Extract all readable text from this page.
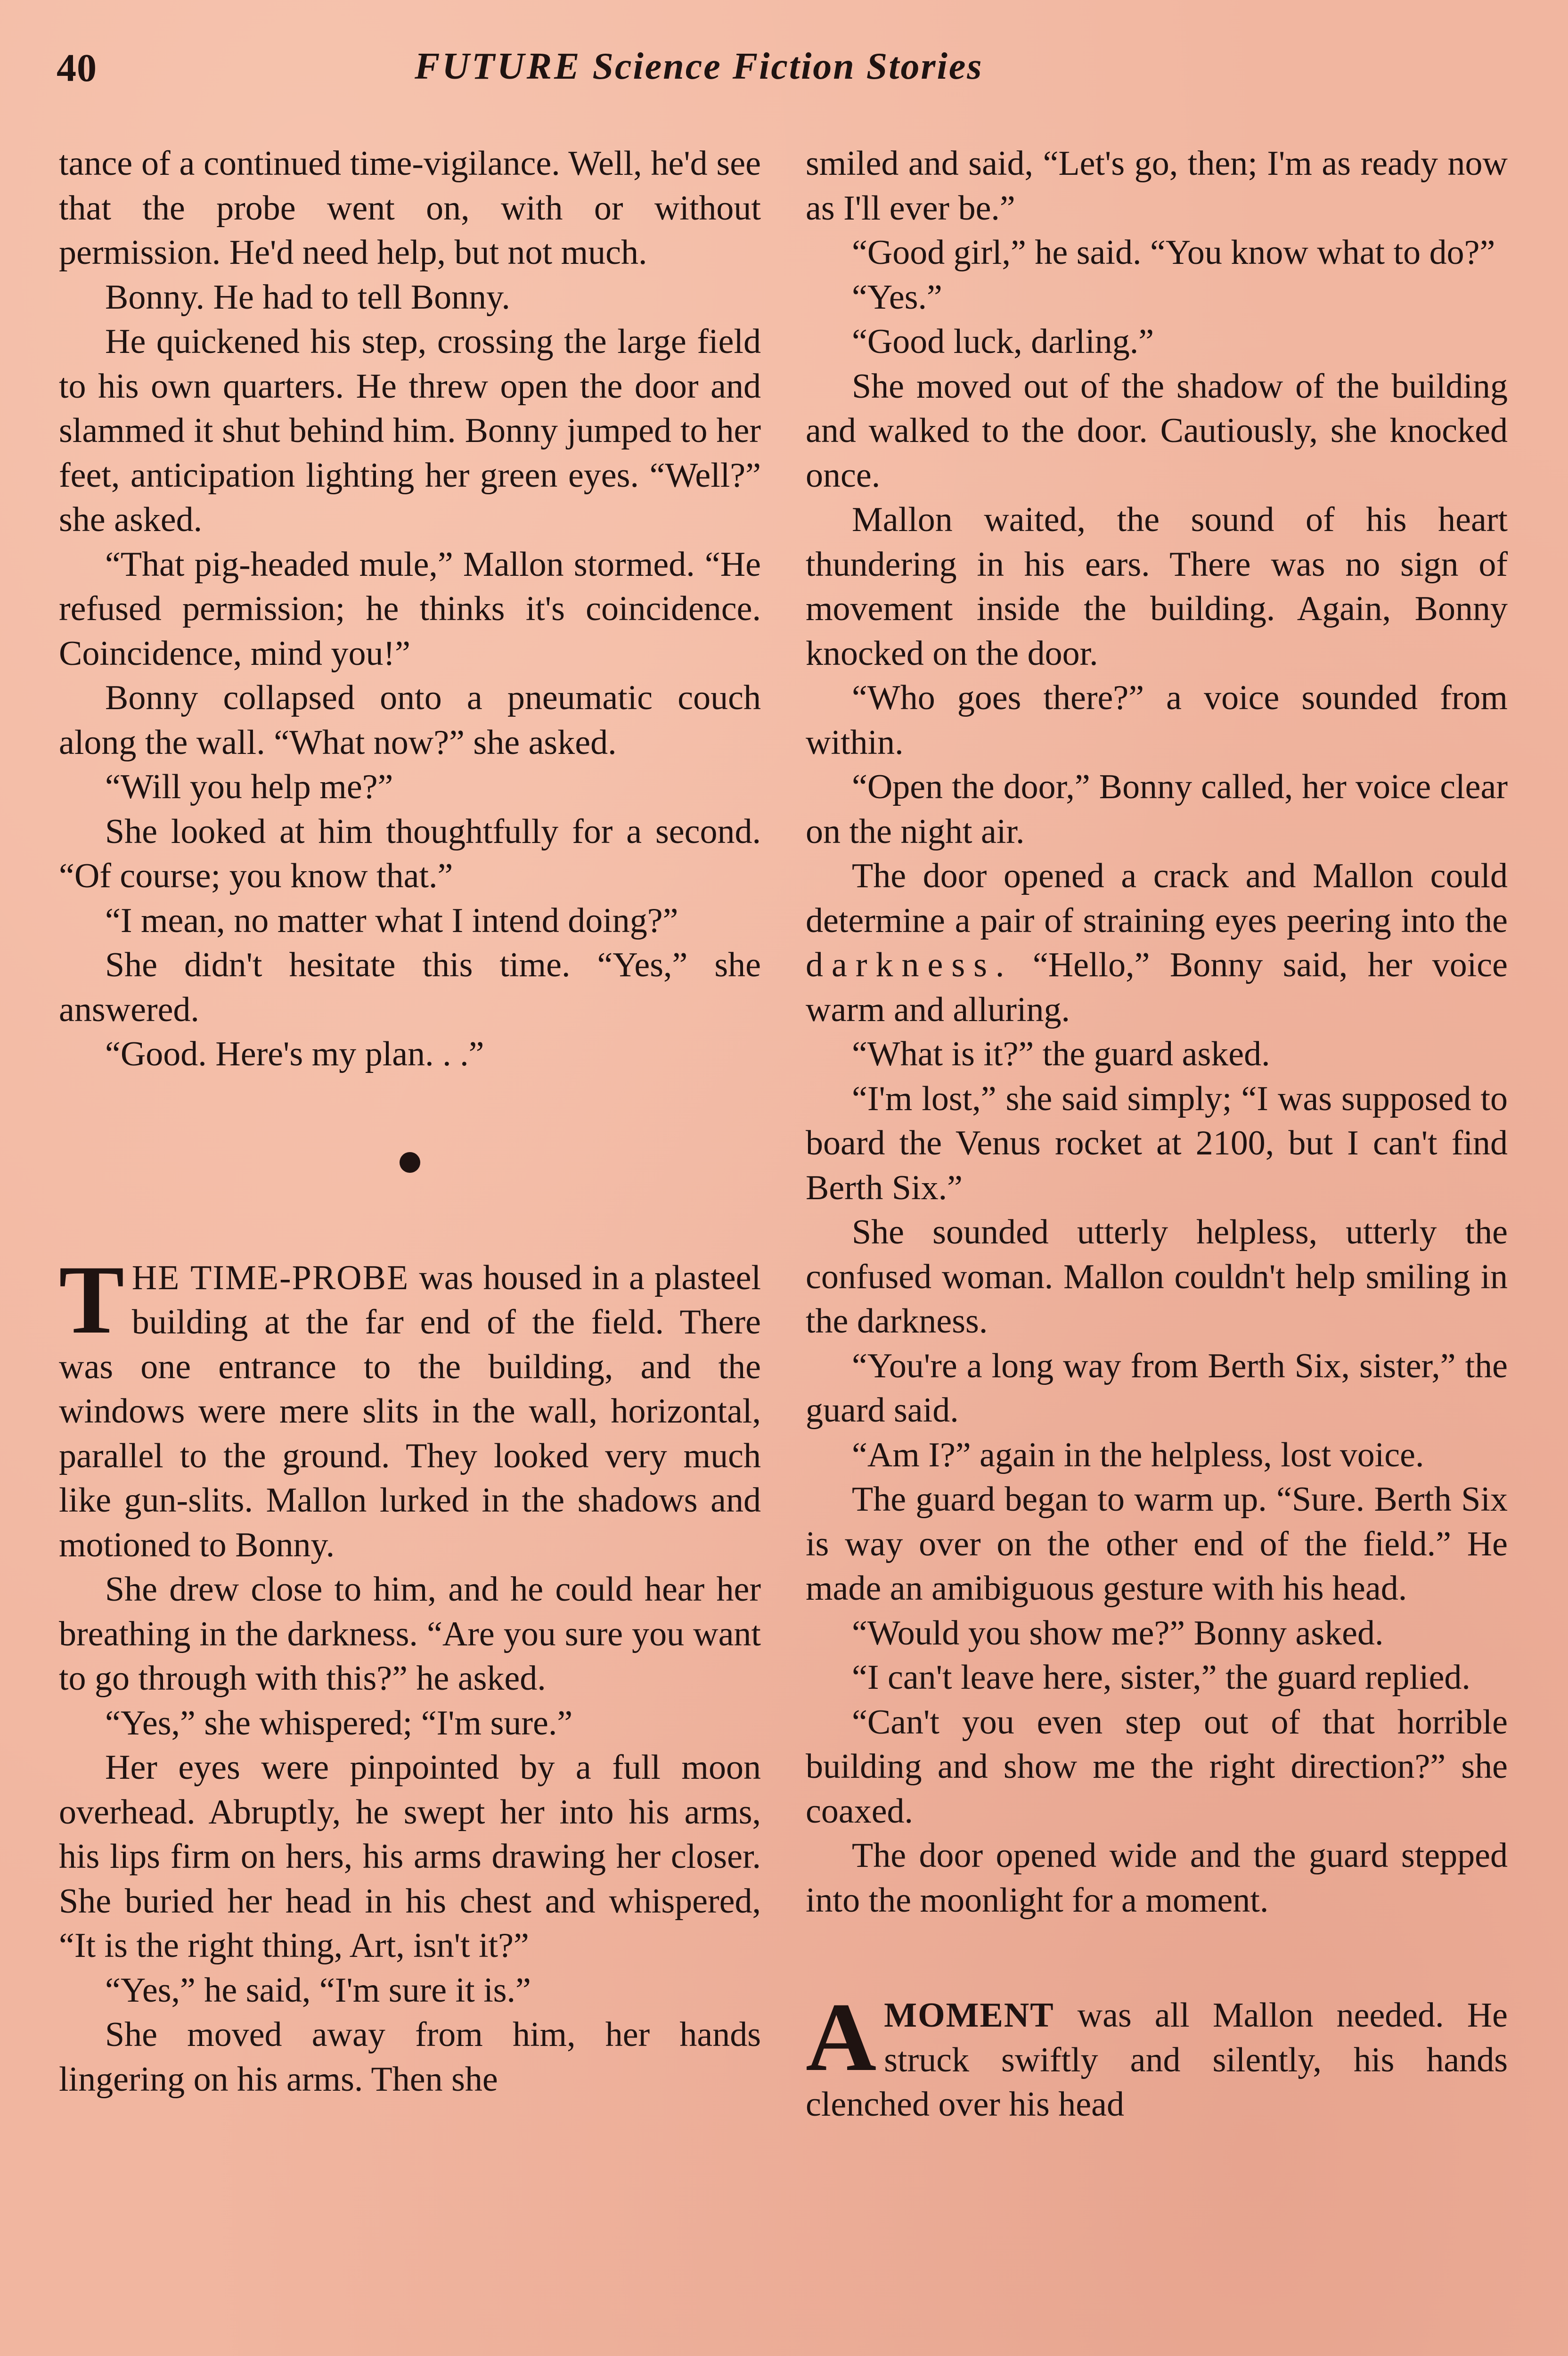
40	FUTURE Science Fiction Stories

tance of a continued time-vigilance. Well, he'd see that the probe went on, with or without permission. He'd need help, but not much.

Bonny. He had to tell Bonny.

He quickened his step, crossing the large field to his own quarters. He threw open the door and slammed it shut behind him. Bonny jumped to her feet, anticipation lighting her green eyes. “Well?” she asked.

“That pig-headed mule,” Mallon stormed. “He refused permission; he thinks it's coincidence. Coincidence, mind you!”

Bonny collapsed onto a pneumatic couch along the wall. “What now?” she asked.

“Will you help me?”

She looked at him thoughtfully for a second. “Of course; you know that.”

“I mean, no matter what I intend doing?”

She didn't hesitate this time. “Yes,” she answered.

“Good. Here's my plan. . .”

THE TIME-PROBE was housed in a plasteel building at the far end of the field. There was one entrance to the building, and the windows were mere slits in the wall, horizontal, parallel to the ground. They looked very much like gun-slits. Mallon lurked in the shadows and motioned to Bonny.

She drew close to him, and he could hear her breathing in the darkness. “Are you sure you want to go through with this?” he asked.

“Yes,” she whispered; “I'm sure.”

Her eyes were pinpointed by a full moon overhead. Abruptly, he swept her into his arms, his lips firm on hers, his arms drawing her closer. She buried her head in his chest and whispered, “It is the right thing, Art, isn't it?”

“Yes,” he said, “I'm sure it is.”

She moved away from him, her hands lingering on his arms. Then she

smiled and said, “Let's go, then; I'm as ready now as I'll ever be.”

“Good girl,” he said. “You know what to do?”

“Yes.”

“Good luck, darling.”

She moved out of the shadow of the building and walked to the door. Cautiously, she knocked once.

Mallon waited, the sound of his heart thundering in his ears. There was no sign of movement inside the building. Again, Bonny knocked on the door.

“Who goes there?” a voice sounded from within.

“Open the door,” Bonny called, her voice clear on the night air.

The door opened a crack and Mallon could determine a pair of straining eyes peering into the darkness. “Hello,” Bonny said, her voice warm and alluring.

“What is it?” the guard asked.

“I'm lost,” she said simply; “I was supposed to board the Venus rocket at 2100, but I can't find Berth Six.”

She sounded utterly helpless, utterly the confused woman. Mallon couldn't help smiling in the darkness.

“You're a long way from Berth Six, sister,” the guard said.

“Am I?” again in the helpless, lost voice.

The guard began to warm up. “Sure. Berth Six is way over on the other end of the field.” He made an amibiguous gesture with his head.

“Would you show me?” Bonny asked.

“I can't leave here, sister,” the guard replied.

“Can't you even step out of that horrible building and show me the right direction?” she coaxed.

The door opened wide and the guard stepped into the moonlight for a moment.

AMOMENT was all Mallon needed. He struck swiftly and silently, his hands clenched over his head
